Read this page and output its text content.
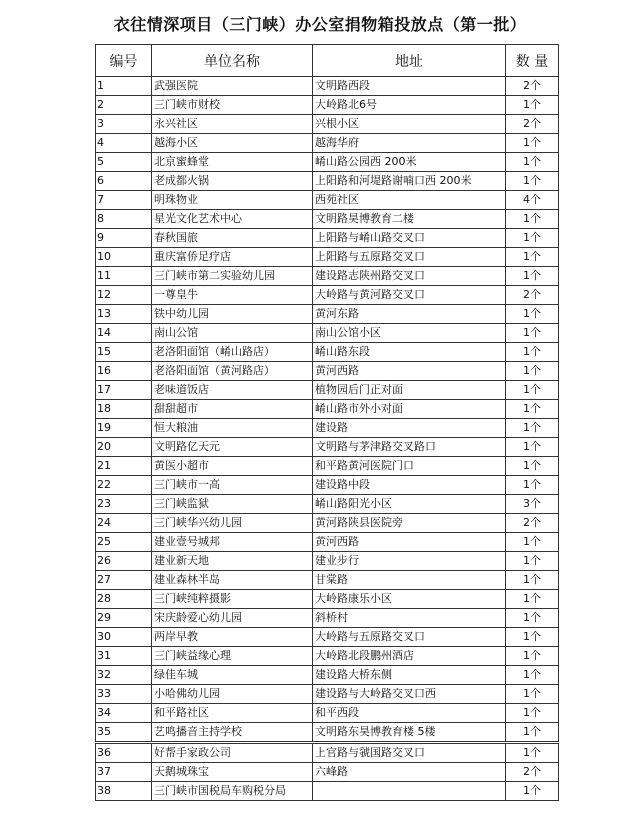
衣往情深项目（三门峡）办公室捐物箱投放点（第一批）
编号	单位名称	地址	数 量
1	武强医院	文明路西段	2个
2	三门峡市财校	大岭路北6号	1个
3	永兴社区	兴根小区	2个
4	越海小区	越海华府	1个
5	北京蜜蜂堂	崤山路公园西 200米	1个
6	老成都火锅	上阳路和河堤路谢喃口西 200米	1个
7	明珠物业	西苑社区	4个
8	星光文化艺术中心	文明路昊博教育二楼	1个
9	春秋国旅	上阳路与崤山路交叉口	1个
10	重庆富侨足疗店	上阳路与五原路交叉口	1个
11	三门峡市第二实验幼儿园	建设路志陕州路交叉口	1个
12	一尊皇牛	大岭路与黄河路交叉口	2个
13	铁中幼儿园	黄河东路	1个
14	南山公馆	南山公馆小区	1个
15	老洛阳面馆（崤山路店）	崤山路东段	1个
16	老洛阳面馆（黄河路店）	黄河西路	1个
17	老味道饭店	植物园后门正对面	1个
18	甜甜超市	崤山路市外小对面	1个
19	恒大粮油	建设路	1个
20	文明路亿天元	文明路与茅津路交叉路口	1个
21	黄医小超市	和平路黄河医院门口	1个
22	三门峡市一高	建设路中段	1个
23	三门峡监狱	崤山路阳光小区	3个
24	三门峡华兴幼儿园	黄河路陕县医院旁	2个
25	建业壹号城邦	黄河西路	1个
26	建业新天地	建业步行	1个
27	建业森林半岛	甘棠路	1个
28	三门峡纯粹摄影	大岭路康乐小区	1个
29	宋庆龄爱心幼儿园	斜桥村	1个
30	两岸早教	大岭路与五原路交叉口	1个
31	三门峡益缘心理	大岭路北段鹏州酒店	1个
32	绿佳车城	建设路大桥东侧	1个
33	小哈佛幼儿园	建设路与大岭路交叉口西	1个
34	和平路社区	和平西段	1个
35	艺鸣播音主持学校	文明路东昊博教育楼 5楼	1个
36	好帮手家政公司	上官路与虢国路交叉口	1个
37	天鹅城珠宝	六峰路	2个
38	三门峡市国税局车购税分局		1个
